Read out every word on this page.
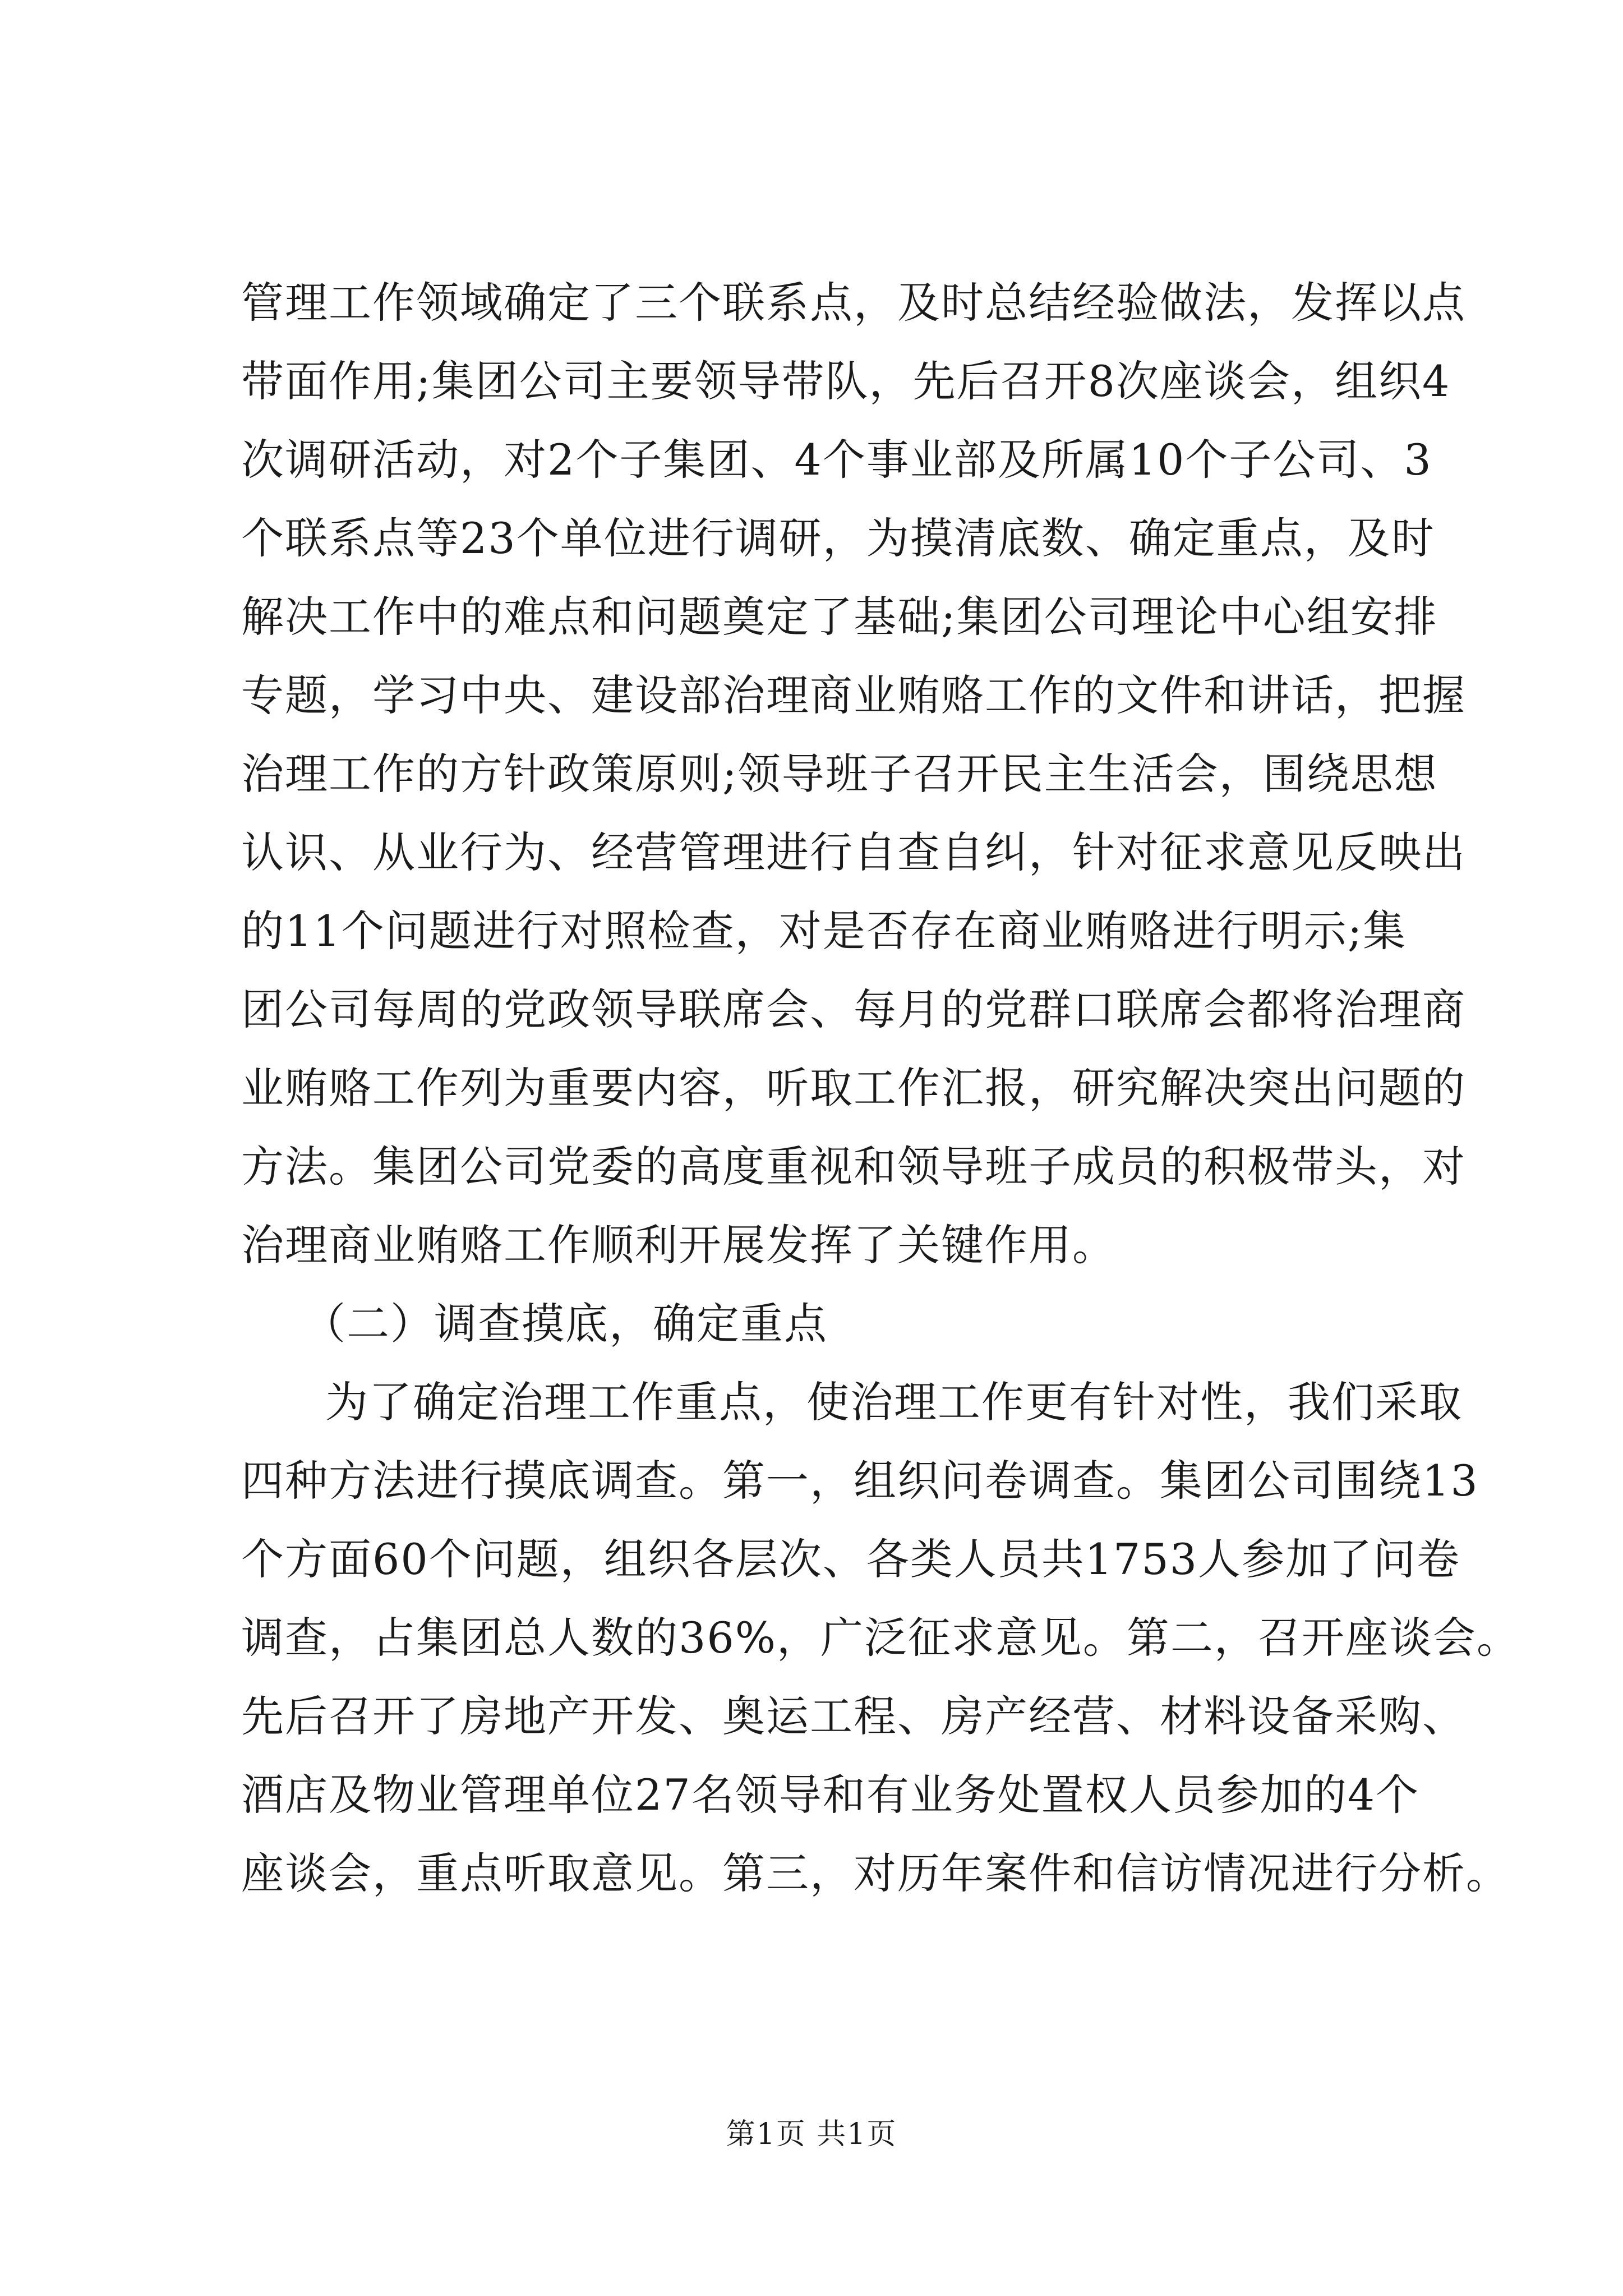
管理工作领域确定了三个联系点，及时总结经验做法，发挥以点
带面作用;集团公司主要领导带队，先后召开8次座谈会，组织4
次调研活动，对2个子集团、4个事业部及所属10个子公司、3
个联系点等23个单位进行调研，为摸清底数、确定重点，及时
解决工作中的难点和问题奠定了基础;集团公司理论中心组安排
专题，学习中央、建设部治理商业贿赂工作的文件和讲话，把握
治理工作的方针政策原则;领导班子召开民主生活会，围绕思想
认识、从业行为、经营管理进行自查自纠，针对征求意见反映出
的11个问题进行对照检查，对是否存在商业贿赂进行明示;集
团公司每周的党政领导联席会、每月的党群口联席会都将治理商
业贿赂工作列为重要内容，听取工作汇报，研究解决突出问题的
方法。集团公司党委的高度重视和领导班子成员的积极带头，对
治理商业贿赂工作顺利开展发挥了关键作用。
（二）调查摸底，确定重点
为了确定治理工作重点，使治理工作更有针对性，我们采取
四种方法进行摸底调查。第一，组织问卷调查。集团公司围绕13
个方面60个问题，组织各层次、各类人员共1753人参加了问卷
调查，占集团总人数的36%，广泛征求意见。第二，召开座谈会。
先后召开了房地产开发、奥运工程、房产经营、材料设备采购、
酒店及物业管理单位27名领导和有业务处置权人员参加的4个
座谈会，重点听取意见。第三，对历年案件和信访情况进行分析。
第1页 共1页
